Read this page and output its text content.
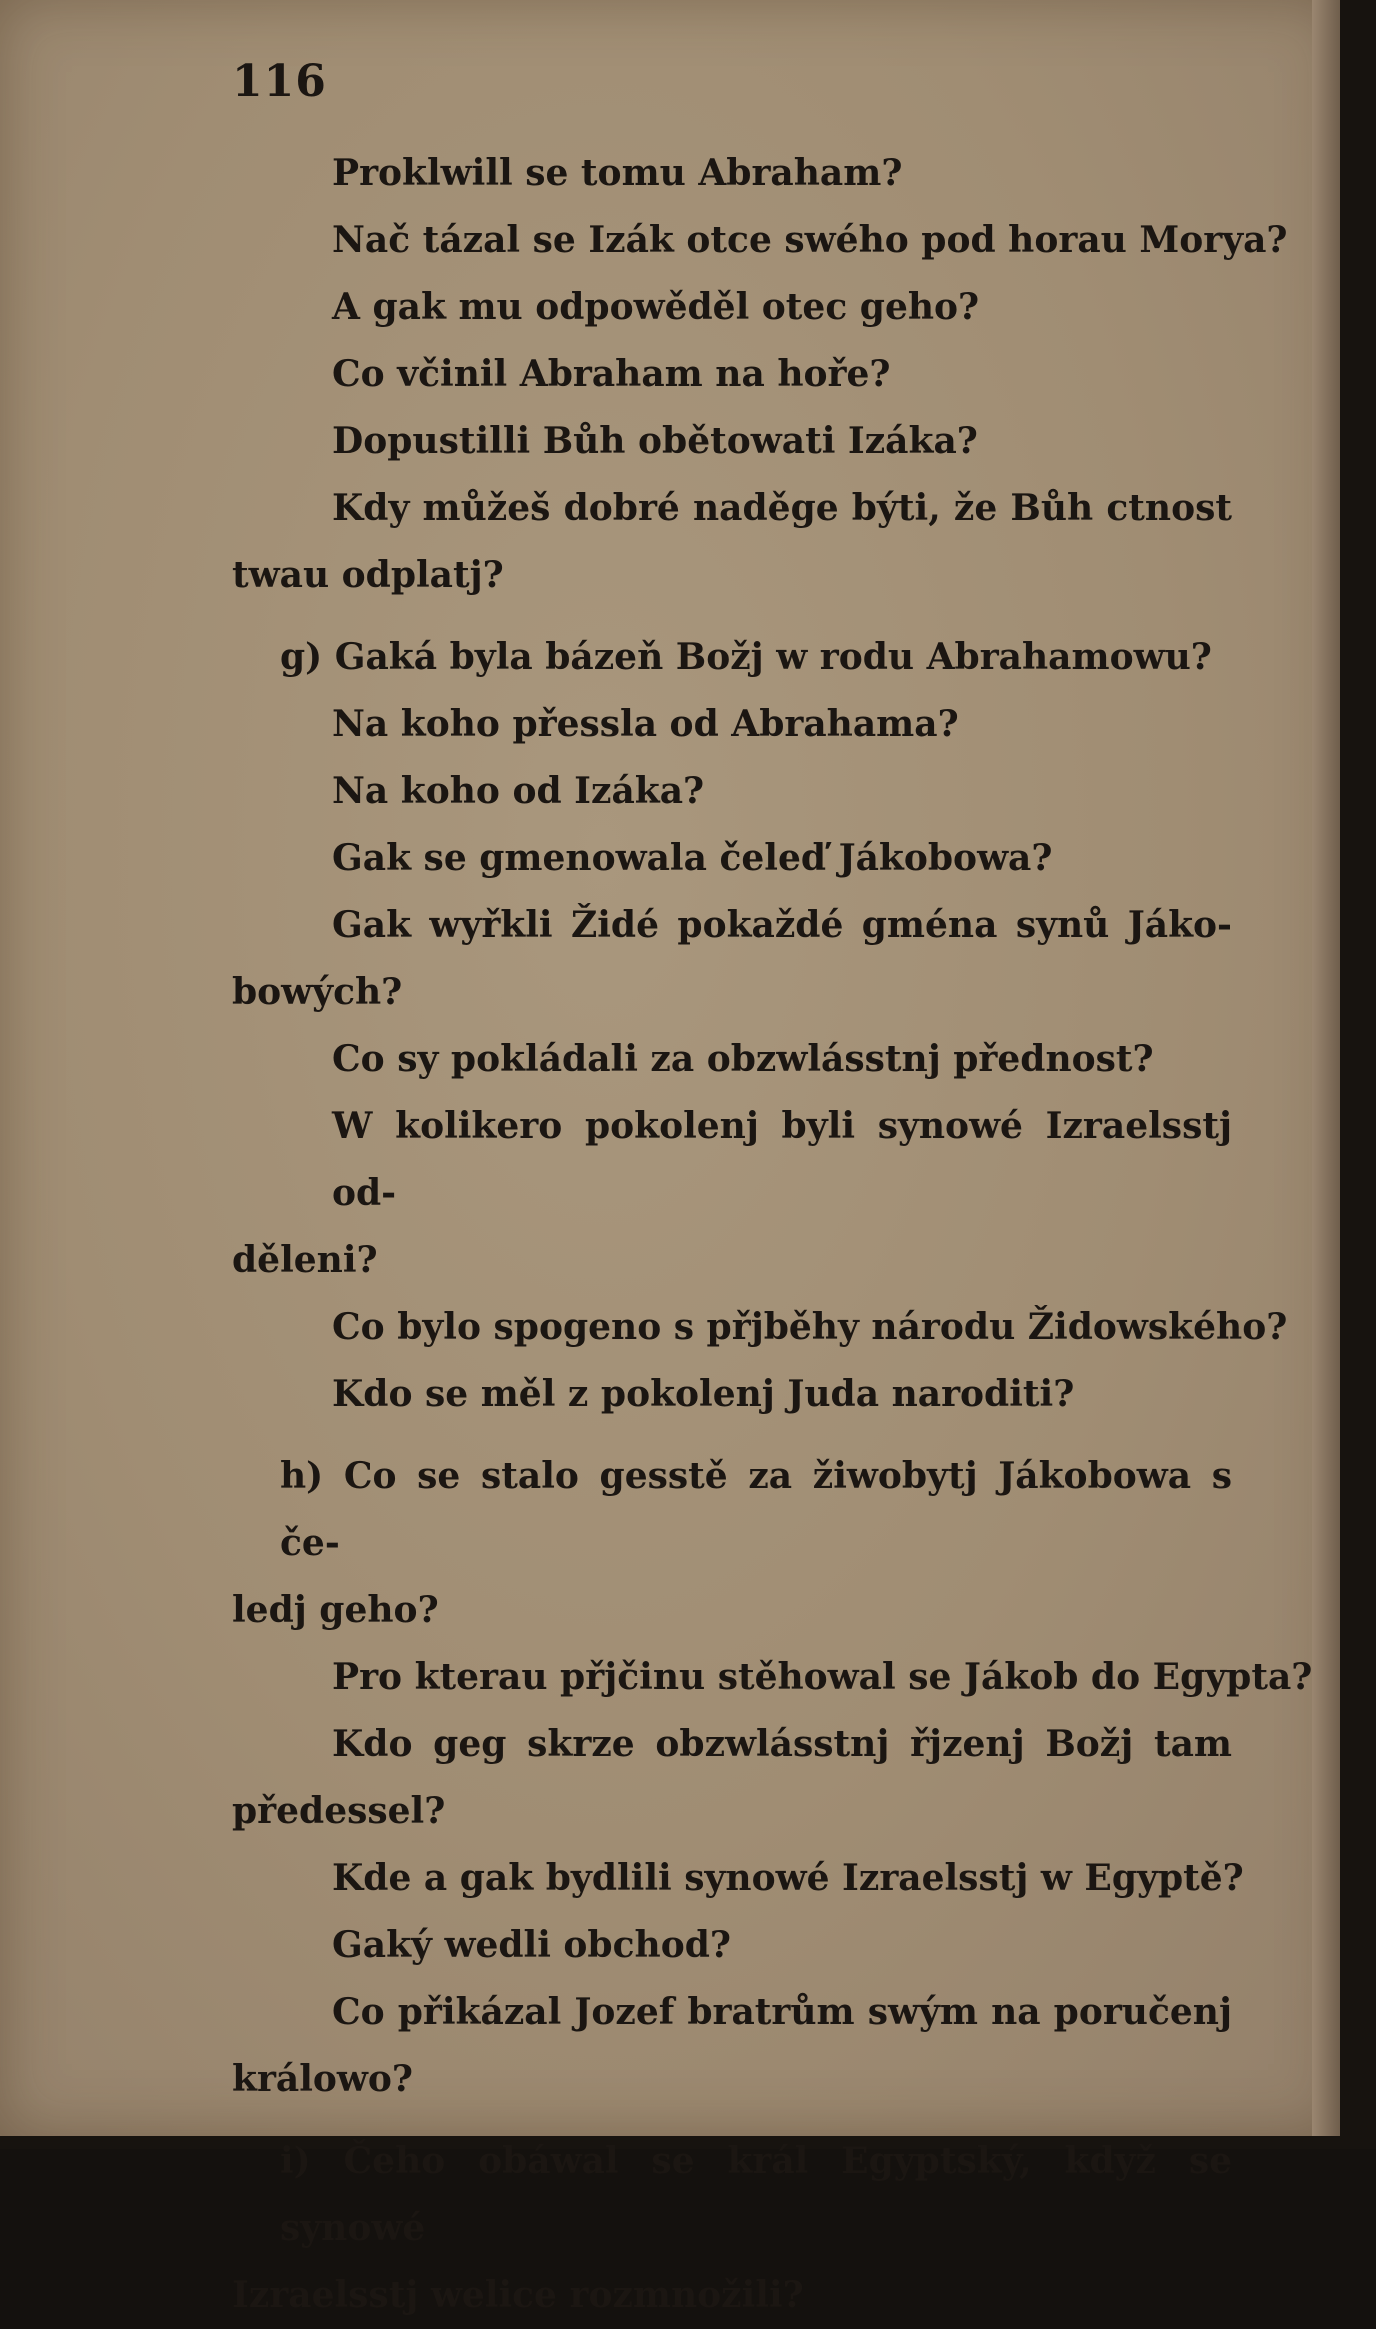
116
Proklwill se tomu Abraham?
Nač tázal se Izák otce swého pod horau Morya?
A gak mu odpowěděl otec geho?
Co včinil Abraham na hoře?
Dopustilli Bůh obětowati Izáka?
Kdy můžeš dobré naděge býti, že Bůh ctnost
twau odplatj?
g) Gaká byla bázeň Božj w rodu Abrahamowu?
Na koho přessla od Abrahama?
Na koho od Izáka?
Gak se gmenowala čeleď Jákobowa?
Gak wyřkli Židé pokaždé gména synů Jáko-
bowých?
Co sy pokládali za obzwlásstnj přednost?
W kolikero pokolenj byli synowé Izraelsstj od-
děleni?
Co bylo spogeno s přjběhy národu Židowského?
Kdo se měl z pokolenj Juda naroditi?
h) Co se stalo gesstě za žiwobytj Jákobowa s če-
ledj geho?
Pro kterau přjčinu stěhowal se Jákob do Egypta?
Kdo geg skrze obzwlásstnj řjzenj Božj tam
předessel?
Kde a gak bydlili synowé Izraelsstj w Egyptě?
Gaký wedli obchod?
Co přikázal Jozef bratrům swým na poručenj
králowo?
i) Čeho obáwal se král Egyptský, když se synowé
Izraelsstj welice rozmnožili?
